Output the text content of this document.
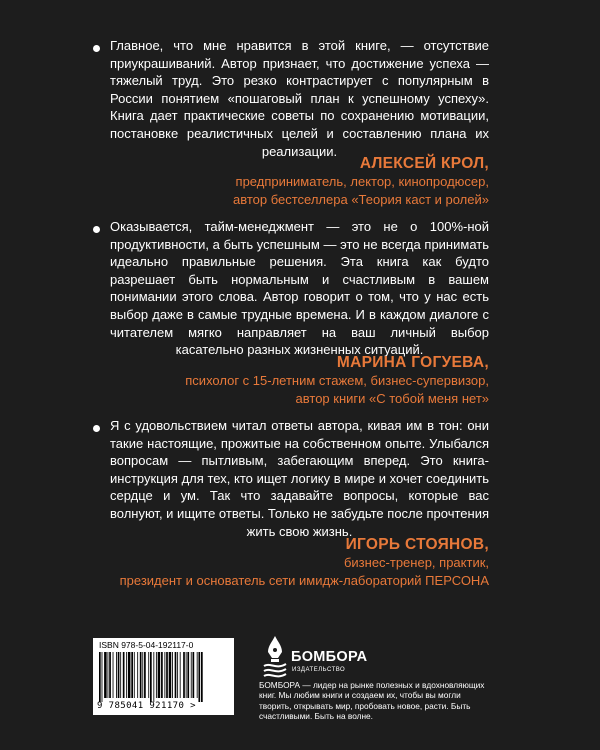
Главное, что мне нравится в этой книге, — отсутствие приукрашиваний. Автор признает, что достижение успеха — тяжелый труд. Это резко контрастирует с популярным в России понятием «пошаговый план к успешному успеху». Книга дает практические советы по сохранению мотивации, постановке реалистичных целей и составлению плана их реализации.

АЛЕКСЕЙ КРОЛ,
предприниматель, лектор, кинопродюсер,
автор бестселлера «Теория каст и ролей»

Оказывается, тайм-менеджмент — это не о 100%-ной продуктивности, а быть успешным — это не всегда принимать идеально правильные решения. Эта книга как будто разрешает быть нормальным и счастливым в вашем понимании этого слова. Автор говорит о том, что у нас есть выбор даже в самые трудные времена. И в каждом диалоге с читателем мягко направляет на ваш личный выбор касательно разных жизненных ситуаций.

МАРИНА ГОГУЕВА,
психолог с 15-летним стажем, бизнес-супервизор,
автор книги «С тобой меня нет»

Я с удовольствием читал ответы автора, кивая им в тон: они такие настоящие, прожитые на собственном опыте. Улыбался вопросам — пытливым, забегающим вперед. Это книга-инструкция для тех, кто ищет логику в мире и хочет соединить сердце и ум. Так что задавайте вопросы, которые вас волнуют, и ищите ответы. Только не забудьте после прочтения жить свою жизнь.

ИГОРЬ СТОЯНОВ,
бизнес-тренер, практик,
президент и основатель сети имидж-лабораторий ПЕРСОНА
ISBN 978-5-04-192117-0
9 785041 921170 >
БОМБОРА
ИЗДАТЕЛЬСТВО

БОМБОРА — лидер на рынке полезных и вдохновляющих книг. Мы любим книги и создаем их, чтобы вы могли творить, открывать мир, пробовать новое, расти. Быть счастливыми. Быть на волне.
